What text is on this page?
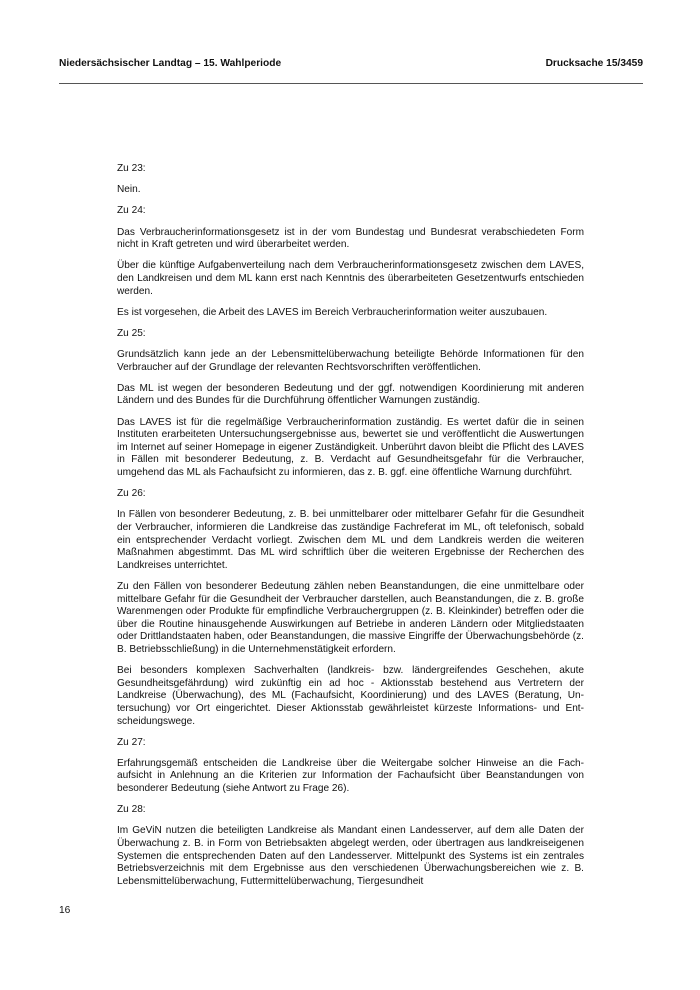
Niedersächsischer Landtag – 15. Wahlperiode	Drucksache 15/3459

Zu 23:

Nein.

Zu 24:

Das Verbraucherinformationsgesetz ist in der vom Bundestag und Bundesrat verabschiedeten Form nicht in Kraft getreten und wird überarbeitet werden.

Über die künftige Aufgabenverteilung nach dem Verbraucherinformationsgesetz zwischen dem LAVES, den Landkreisen und dem ML kann erst nach Kenntnis des überarbeiteten Gesetzentwurfs entschieden werden.

Es ist vorgesehen, die Arbeit des LAVES im Bereich Verbraucherinformation weiter auszubauen.

Zu 25:

Grundsätzlich kann jede an der Lebensmittelüberwachung beteiligte Behörde Informationen für den Verbraucher auf der Grundlage der relevanten Rechtsvorschriften veröffentlichen.

Das ML ist wegen der besonderen Bedeutung und der ggf. notwendigen Koordinierung mit anderen Ländern und des Bundes für die Durchführung öffentlicher Warnungen zuständig.

Das LAVES ist für die regelmäßige Verbraucherinformation zuständig. Es wertet dafür die in seinen Instituten erarbeiteten Untersuchungsergebnisse aus, bewertet sie und veröffentlicht die Auswertungen im Internet auf seiner Homepage in eigener Zuständigkeit. Unberührt davon bleibt die Pflicht des LAVES in Fällen mit besonderer Bedeutung, z. B. Verdacht auf Gesundheitsgefahr für die Verbraucher, umgehend das ML als Fachaufsicht zu informieren, das z. B. ggf. eine öffentliche Warnung durchführt.

Zu 26:

In Fällen von besonderer Bedeutung, z. B. bei unmittelbarer oder mittelbarer Gefahr für die Gesundheit der Verbraucher, informieren die Landkreise das zuständige Fachreferat im ML, oft telefonisch, sobald ein entsprechender Verdacht vorliegt. Zwischen dem ML und dem Landkreis werden die weiteren Maßnahmen abgestimmt. Das ML wird schriftlich über die weiteren Ergebnisse der Recherchen des Landkreises unterrichtet.

Zu den Fällen von besonderer Bedeutung zählen neben Beanstandungen, die eine unmittelbare oder mittelbare Gefahr für die Gesundheit der Verbraucher darstellen, auch Beanstandungen, die z. B. große Warenmengen oder Produkte für empfindliche Verbrauchergruppen (z. B. Kleinkinder) betreffen oder die über die Routine hinausgehende Auswirkungen auf Betriebe in anderen Ländern oder Mitgliedstaaten oder Drittlandstaaten haben, oder Beanstandungen, die massive Eingriffe der Überwachungsbehörde (z. B. Betriebsschließung) in die Unternehmenstätigkeit erfordern.

Bei besonders komplexen Sachverhalten (landkreis- bzw. ländergreifendes Geschehen, akute Gesundheitsgefährdung) wird zukünftig ein ad hoc - Aktionsstab bestehend aus Vertretern der Landkreise (Überwachung), des ML (Fachaufsicht, Koordinierung) und des LAVES (Beratung, Untersuchung) vor Ort eingerichtet. Dieser Aktionsstab gewährleistet kürzeste Informations- und Entscheidungswege.

Zu 27:

Erfahrungsgemäß entscheiden die Landkreise über die Weitergabe solcher Hinweise an die Fachaufsicht in Anlehnung an die Kriterien zur Information der Fachaufsicht über Beanstandungen von besonderer Bedeutung (siehe Antwort zu Frage 26).

Zu 28:

Im GeViN nutzen die beteiligten Landkreise als Mandant einen Landesserver, auf dem alle Daten der Überwachung z. B. in Form von Betriebsakten abgelegt werden, oder übertragen aus landkreiseigenen Systemen die entsprechenden Daten auf den Landesserver. Mittelpunkt des Systems ist ein zentrales Betriebsverzeichnis mit dem Ergebnisse aus den verschiedenen Überwachungsbereichen wie z. B. Lebensmittelüberwachung, Futtermittelüberwachung, Tiergesundheit

16
